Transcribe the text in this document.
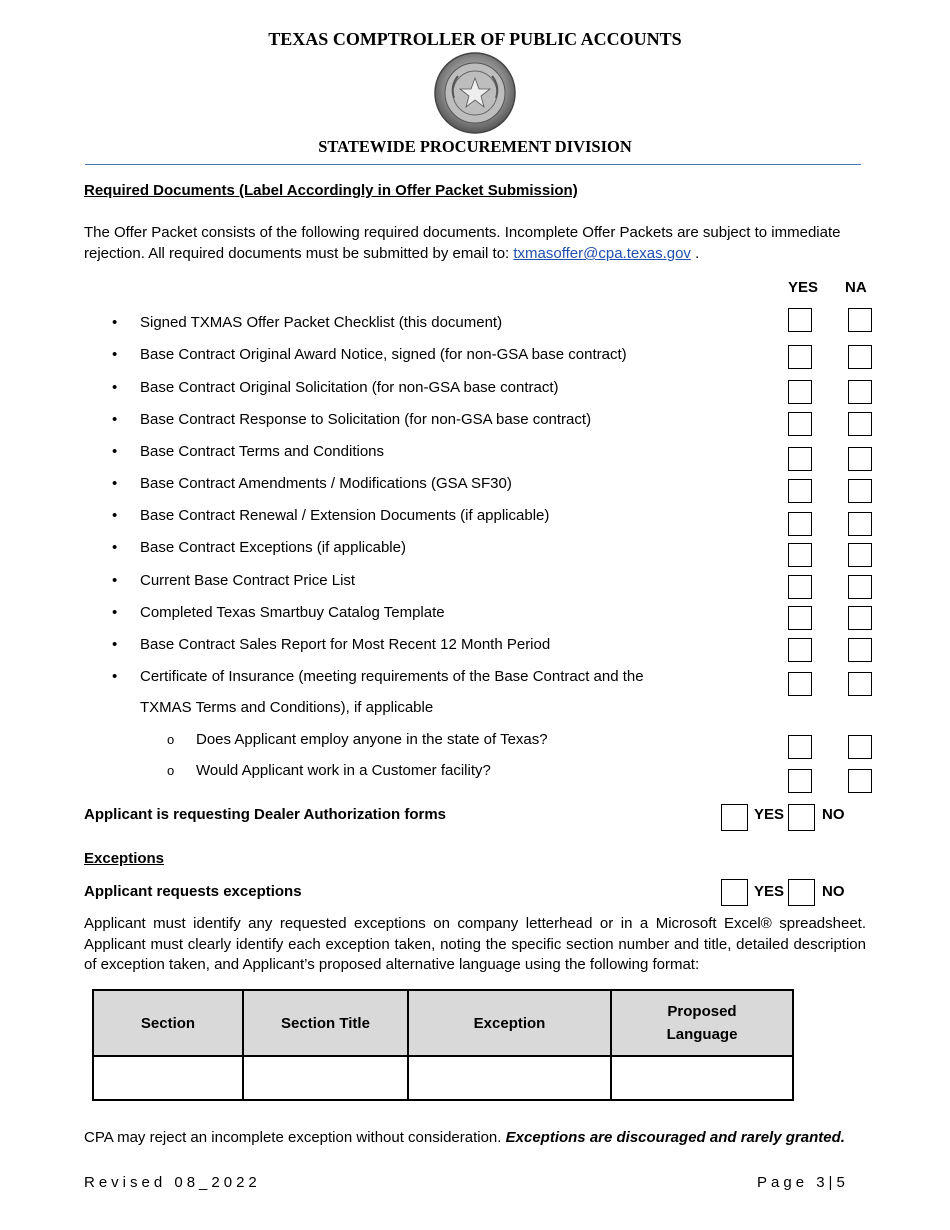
TEXAS COMPTROLLER OF PUBLIC ACCOUNTS
STATEWIDE PROCUREMENT DIVISION
Required Documents (Label Accordingly in Offer Packet Submission)
The Offer Packet consists of the following required documents. Incomplete Offer Packets are subject to immediate rejection. All required documents must be submitted by email to: txmasoffer@cpa.texas.gov .
YES NA
• Signed TXMAS Offer Packet Checklist (this document)
• Base Contract Original Award Notice, signed (for non-GSA base contract)
• Base Contract Original Solicitation (for non-GSA base contract)
• Base Contract Response to Solicitation (for non-GSA base contract)
• Base Contract Terms and Conditions
• Base Contract Amendments / Modifications (GSA SF30)
• Base Contract Renewal / Extension Documents (if applicable)
• Base Contract Exceptions (if applicable)
• Current Base Contract Price List
• Completed Texas Smartbuy Catalog Template
• Base Contract Sales Report for Most Recent 12 Month Period
• Certificate of Insurance (meeting requirements of the Base Contract and the
TXMAS Terms and Conditions), if applicable
o Does Applicant employ anyone in the state of Texas?
o Would Applicant work in a Customer facility?
Applicant is requesting Dealer Authorization forms	YES	NO
Exceptions
Applicant requests exceptions	YES	NO
Applicant must identify any requested exceptions on company letterhead or in a Microsoft Excel® spreadsheet. Applicant must clearly identify each exception taken, noting the specific section number and title, detailed description of exception taken, and Applicant’s proposed alternative language using the following format:
Section	Section Title	Exception	Proposed Language

CPA may reject an incomplete exception without consideration. Exceptions are discouraged and rarely granted.
Revised 08_2022	Page 3|5
